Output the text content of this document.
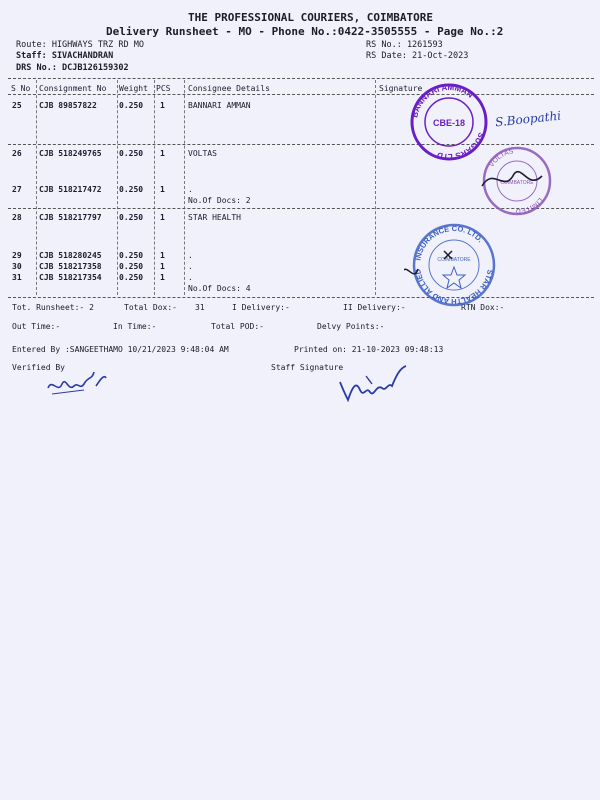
THE PROFESSIONAL COURIERS, COIMBATORE
Delivery Runsheet - MO - Phone No.:0422-3505555 - Page No.:2
Route: HIGHWAYS TRZ RD MO
Staff: SIVACHANDRAN
DRS No.: DCJB126159302
RS No.: 1261593
RS Date: 21-Oct-2023
S No Consignment No Weight PCS Consignee Details	Signature
25 CJB 89857822	0.250 1	BANNARI AMMAN
26 CJB 518249765 0.250 1	VOLTAS
27 CJB 518217472 0.250 1	.
No.Of Docs: 2
28 CJB 518217797 0.250 1	STAR HEALTH
29 CJB 518280245 0.250 1	.
30 CJB 518217358 0.250 1	.
31 CJB 518217354 0.250 1	.
No.Of Docs: 4
Tot. Runsheet:- 2	Total Dox:- 31	I Delivery:-	II Delivery:-	RTN Dox:-
Out Time:-	In Time:-	Total POD:-	Delvy Points:-
Entered By :SANGEETHAMO 10/21/2023 9:48:04 AM	Printed on: 21-10-2023 09:48:13
Verified By	Staff Signature
BANNARI AMMAN
SUGARS LTD
CBE-18 S.Boopathi
VOLTAS
LIMITED
COIMBATORE
STAR HEALTH AND ALLIED
INSURANCE CO. LTD.
COIMBATORE
